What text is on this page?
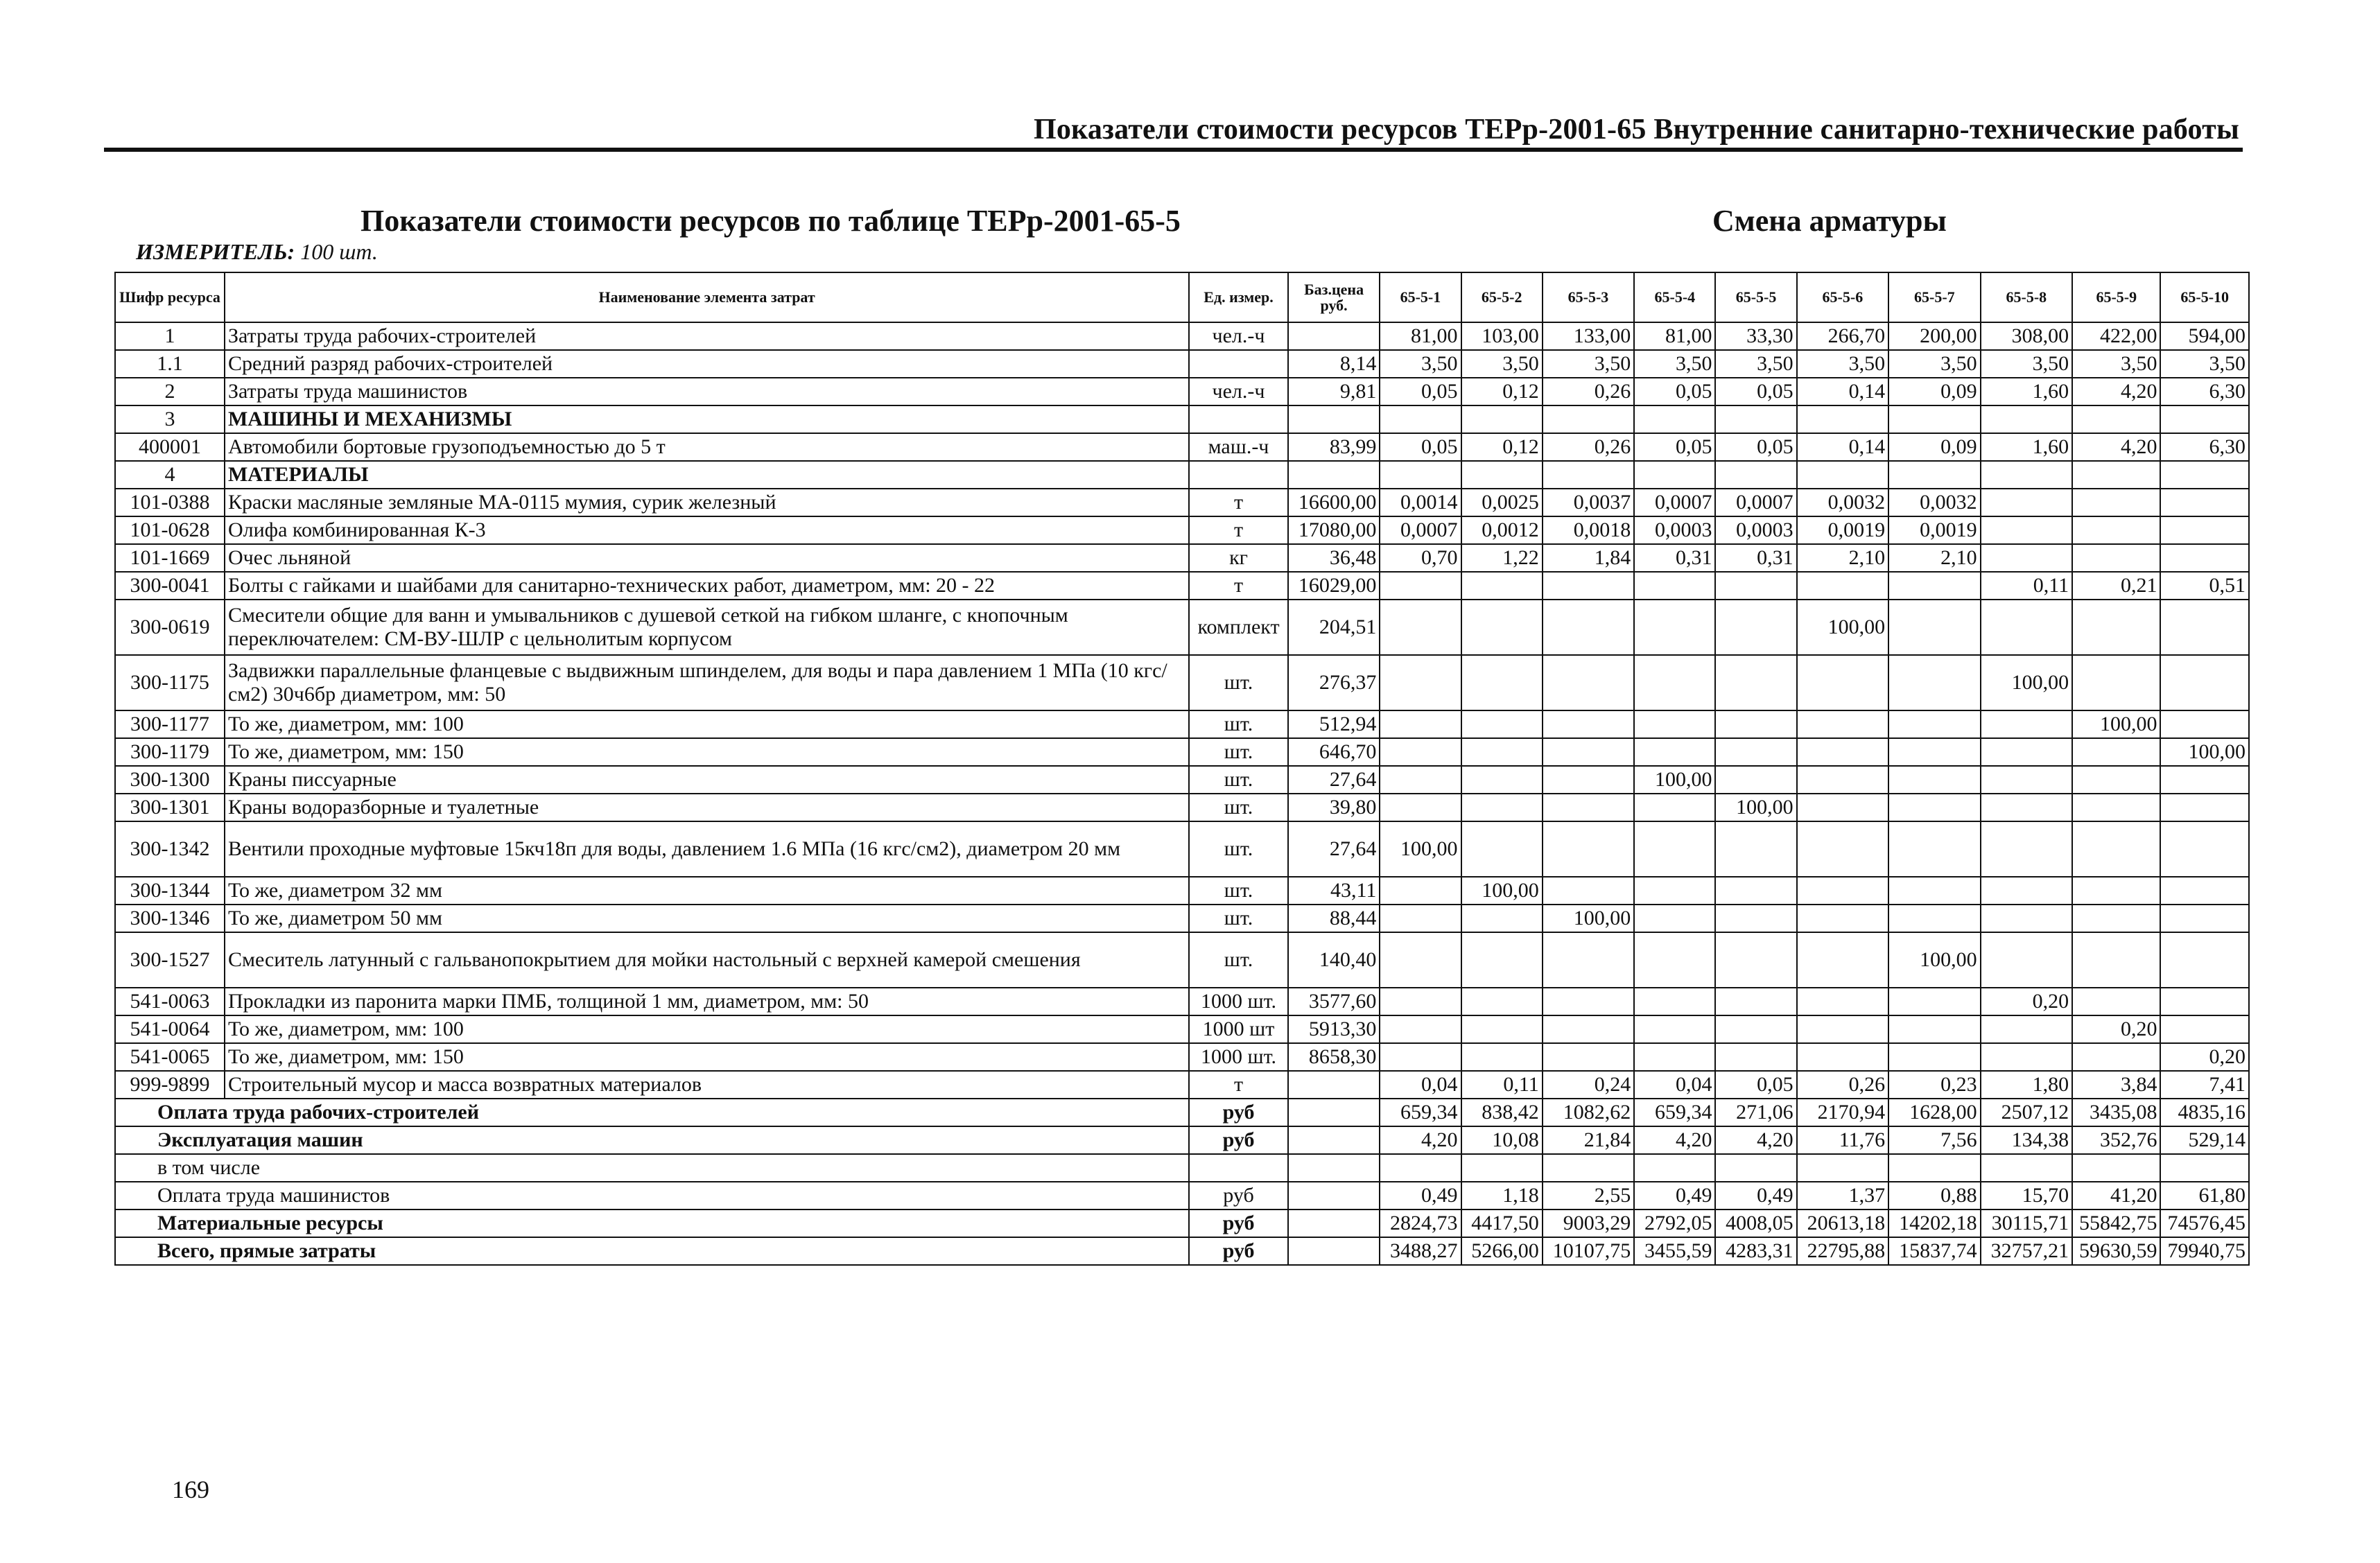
Показатели стоимости ресурсов ТЕРр-2001-65 Внутренние санитарно-технические работы
Показатели стоимости ресурсов по таблице ТЕРр-2001-65-5	Смена арматуры
ИЗМЕРИТЕЛЬ: 100 шт.
Шифр ресурса	Наименование элемента затрат	Ед. измер.	Баз.цена руб.	65-5-1	65-5-2	65-5-3	65-5-4	65-5-5	65-5-6	65-5-7	65-5-8	65-5-9	65-5-10
1	Затраты труда рабочих-строителей	чел.-ч		81,00	103,00	133,00	81,00	33,30	266,70	200,00	308,00	422,00	594,00
1.1	Средний разряд рабочих-строителей		8,14	3,50	3,50	3,50	3,50	3,50	3,50	3,50	3,50	3,50	3,50
2	Затраты труда машинистов	чел.-ч	9,81	0,05	0,12	0,26	0,05	0,05	0,14	0,09	1,60	4,20	6,30
3	МАШИНЫ И МЕХАНИЗМЫ												
400001	Автомобили бортовые грузоподъемностью до 5 т	маш.-ч	83,99	0,05	0,12	0,26	0,05	0,05	0,14	0,09	1,60	4,20	6,30
4	МАТЕРИАЛЫ												
101-0388	Краски масляные земляные МА-0115 мумия, сурик железный	т	16600,00	0,0014	0,0025	0,0037	0,0007	0,0007	0,0032	0,0032			
101-0628	Олифа комбинированная К-3	т	17080,00	0,0007	0,0012	0,0018	0,0003	0,0003	0,0019	0,0019			
101-1669	Очес льняной	кг	36,48	0,70	1,22	1,84	0,31	0,31	2,10	2,10			
300-0041	Болты с гайками и шайбами для санитарно-технических работ, диаметром, мм: 20 - 22	т	16029,00								0,11	0,21	0,51
300-0619	Смесители общие для ванн и умывальников с душевой сеткой на гибком шланге, с кнопочным переключателем: СМ-ВУ-ШЛР с цельнолитым корпусом	комплект	204,51						100,00				
300-1175	Задвижки параллельные фланцевые с выдвижным шпинделем, для воды и пара давлением 1 МПа (10 кгс/см2) 30ч6бр диаметром, мм: 50	шт.	276,37								100,00		
300-1177	То же, диаметром, мм: 100	шт.	512,94									100,00	
300-1179	То же, диаметром, мм: 150	шт.	646,70										100,00
300-1300	Краны писсуарные	шт.	27,64				100,00						
300-1301	Краны водоразборные и туалетные	шт.	39,80					100,00					
300-1342	Вентили проходные муфтовые 15кч18п для воды, давлением 1.6 МПа (16 кгс/см2), диаметром 20 мм	шт.	27,64	100,00									
300-1344	То же, диаметром 32 мм	шт.	43,11		100,00								
300-1346	То же, диаметром 50 мм	шт.	88,44			100,00							
300-1527	Смеситель латунный с гальванопокрытием для мойки настольный с верхней камерой смешения	шт.	140,40							100,00			
541-0063	Прокладки из паронита марки ПМБ, толщиной 1 мм, диаметром, мм: 50	1000 шт.	3577,60								0,20		
541-0064	То же, диаметром, мм: 100	1000 шт	5913,30									0,20	
541-0065	То же, диаметром, мм: 150	1000 шт.	8658,30										0,20
999-9899	Строительный мусор и масса возвратных материалов	т		0,04	0,11	0,24	0,04	0,05	0,26	0,23	1,80	3,84	7,41
Оплата труда рабочих-строителей		руб		659,34	838,42	1082,62	659,34	271,06	2170,94	1628,00	2507,12	3435,08	4835,16
Эксплуатация машин		руб		4,20	10,08	21,84	4,20	4,20	11,76	7,56	134,38	352,76	529,14
в том числе													
Оплата труда машинистов		руб		0,49	1,18	2,55	0,49	0,49	1,37	0,88	15,70	41,20	61,80
Материальные ресурсы		руб		2824,73	4417,50	9003,29	2792,05	4008,05	20613,18	14202,18	30115,71	55842,75	74576,45
Всего, прямые затраты		руб		3488,27	5266,00	10107,75	3455,59	4283,31	22795,88	15837,74	32757,21	59630,59	79940,75
169
